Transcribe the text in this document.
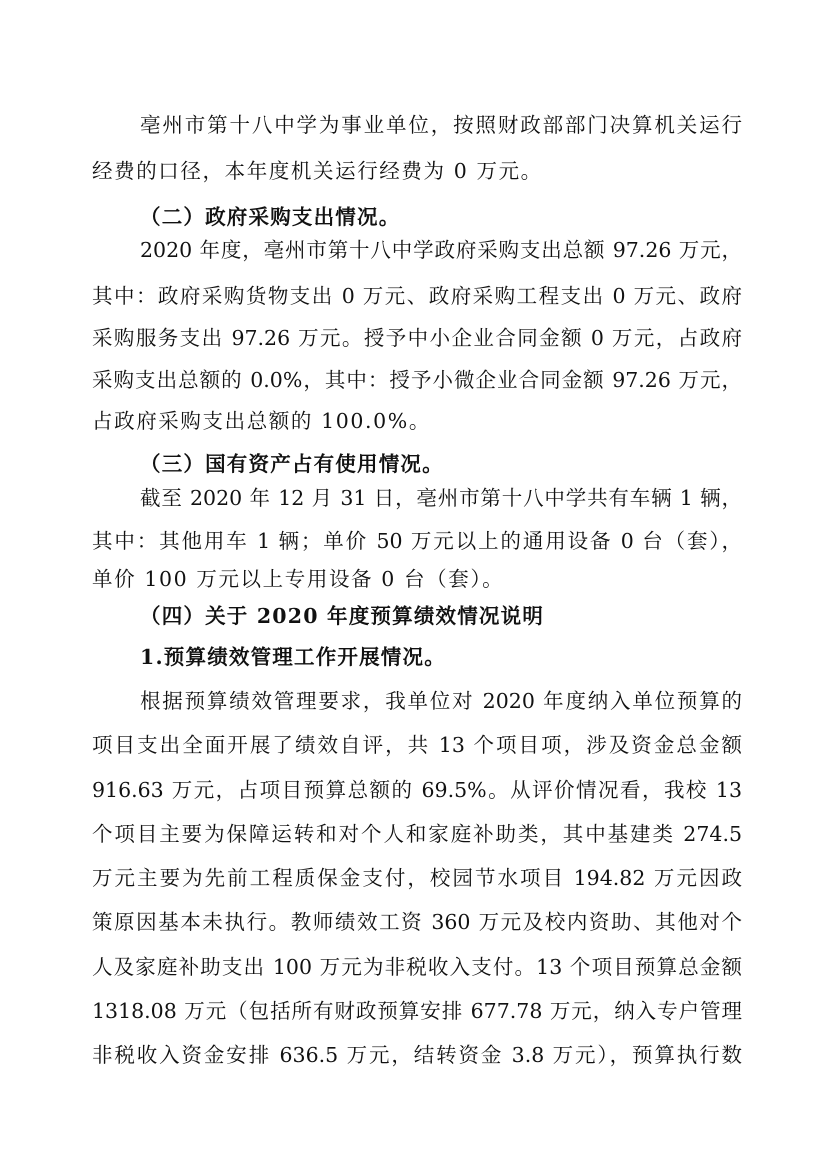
亳州市第十八中学为事业单位，按照财政部部门决算机关运行
经费的口径，本年度机关运行经费为 0 万元。
（二）政府采购支出情况。
2020 年度，亳州市第十八中学政府采购支出总额 97.26 万元，
其中：政府采购货物支出 0 万元、政府采购工程支出 0 万元、政府
采购服务支出 97.26 万元。授予中小企业合同金额 0 万元，占政府
采购支出总额的 0.0%，其中：授予小微企业合同金额 97.26 万元，
占政府采购支出总额的 100.0%。
（三）国有资产占有使用情况。
截至 2020 年 12 月 31 日，亳州市第十八中学共有车辆 1 辆，
其中：其他用车 1 辆；单价 50 万元以上的通用设备 0 台（套），
单价 100 万元以上专用设备 0 台（套）。
（四）关于 2020 年度预算绩效情况说明
1.预算绩效管理工作开展情况。
根据预算绩效管理要求，我单位对 2020 年度纳入单位预算的
项目支出全面开展了绩效自评，共 13 个项目项，涉及资金总金额
916.63 万元，占项目预算总额的 69.5%。从评价情况看，我校 13
个项目主要为保障运转和对个人和家庭补助类，其中基建类 274.5
万元主要为先前工程质保金支付，校园节水项目 194.82 万元因政
策原因基本未执行。教师绩效工资 360 万元及校内资助、其他对个
人及家庭补助支出 100 万元为非税收入支付。13 个项目预算总金额
1318.08 万元（包括所有财政预算安排 677.78 万元，纳入专户管理
非税收入资金安排 636.5 万元，结转资金 3.8 万元），预算执行数
